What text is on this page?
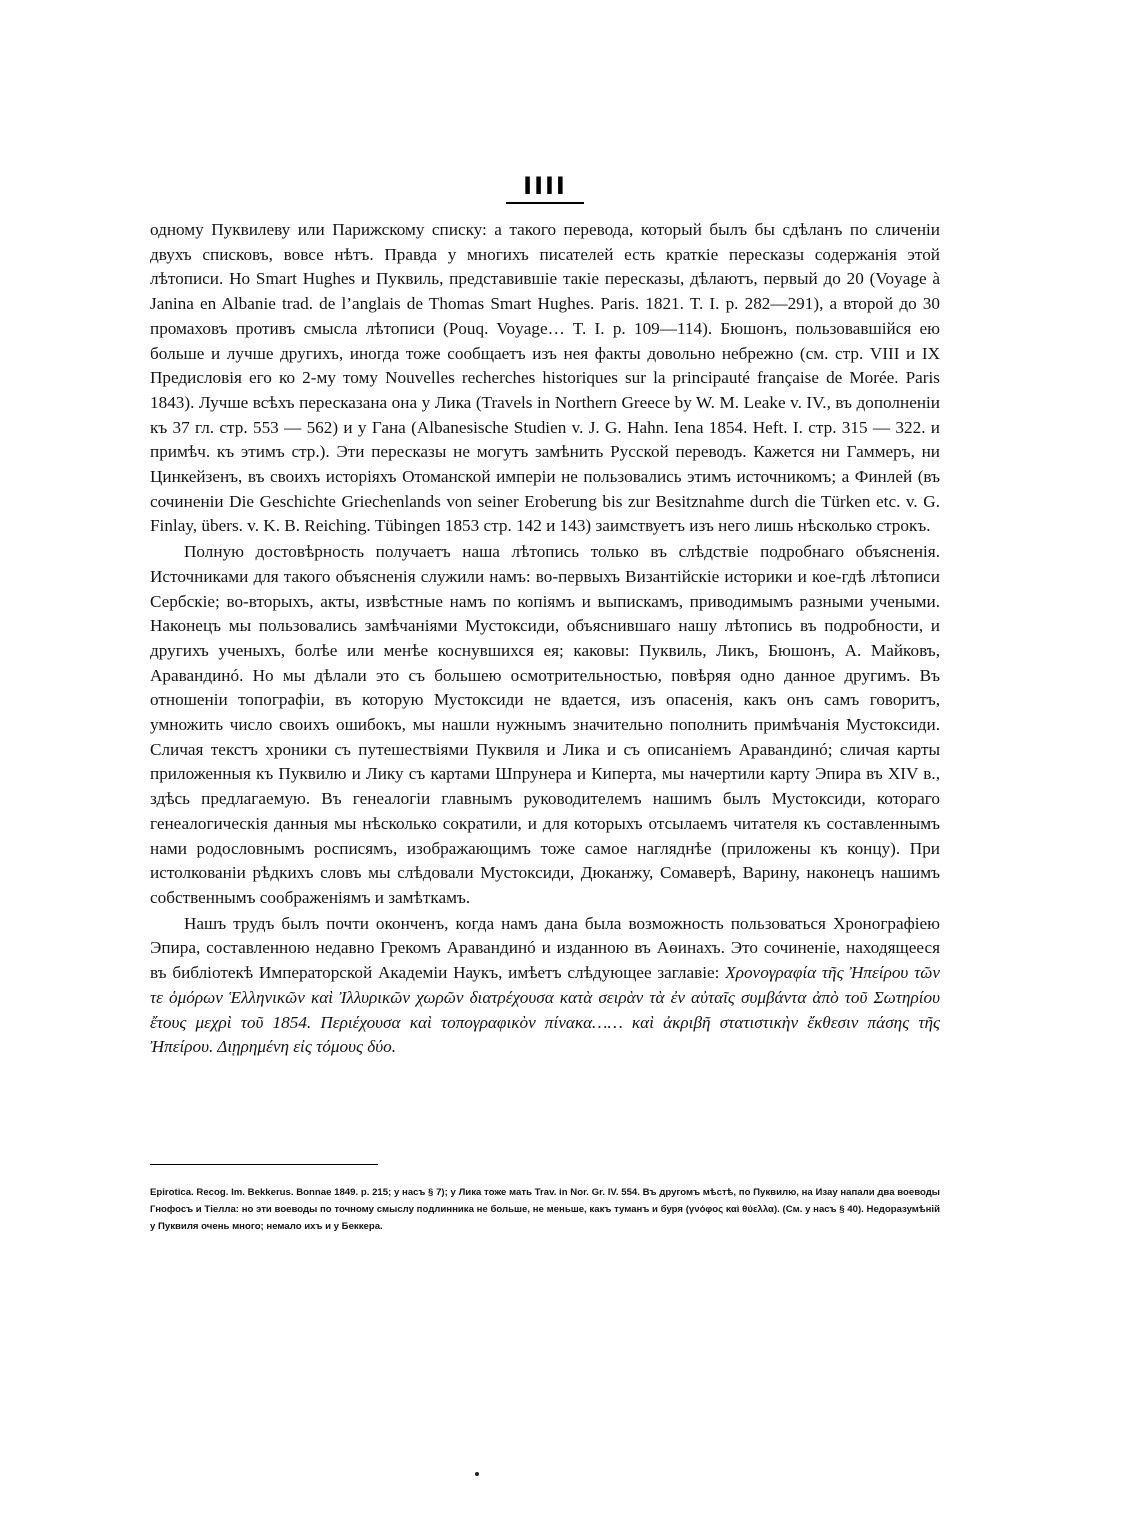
IIII

одному Пуквилеву или Парижскому списку: а такого перевода, который былъ бы сдѣланъ по сличеніи двухъ списковъ, вовсе нѣтъ. Правда у многихъ писателей есть краткіе пересказы содержанія этой лѣтописи. Но Smart Hughes и Пуквиль, представившіе такіе пересказы, дѣлаютъ, первый до 20 (Voyage à Janina en Albanie trad. de l’anglais de Thomas Smart Hughes. Paris. 1821. T. I. p. 282—291), а второй до 30 промаховъ противъ смысла лѣтописи (Pouq. Voyage… T. I. p. 109—114). Бюшонъ, пользовавшійся ею больше и лучше другихъ, иногда тоже сообщаетъ изъ нея факты довольно небрежно (см. стр. VIII и IX Предисловія его ко 2-му тому Nouvelles recherches historiques sur la principauté française de Morée. Paris 1843). Лучше всѣхъ пересказана она у Лика (Travels in Northern Greece by W. M. Leake v. IV., въ дополненіи къ 37 гл. стр. 553 — 562) и у Гана (Albanesische Studien v. J. G. Hahn. Iena 1854. Heft. I. стр. 315 — 322. и примѣч. къ этимъ стр.). Эти пересказы не могутъ замѣнить Русской переводъ. Кажется ни Гаммеръ, ни Цинкейзенъ, въ своихъ исторіяхъ Отоманской имперіи не пользовались этимъ источникомъ; а Финлей (въ сочиненіи Die Geschichte Griechenlands von seiner Eroberung bis zur Besitznahme durch die Türken etc. v. G. Finlay, übers. v. K. B. Reiching. Tübingen 1853 стр. 142 и 143) заимствуетъ изъ него лишь нѣсколько строкъ.

Полную достовѣрность получаетъ наша лѣтопись только въ слѣдствіе подробнаго объясненія. Источниками для такого объясненія служили намъ: во-первыхъ Византійскіе историки и кое-гдѣ лѣтописи Сербскіе; во-вторыхъ, акты, извѣстные намъ по копіямъ и выпискамъ, приводимымъ разными учеными. Наконецъ мы пользовались замѣчаніями Мустоксиди, объяснившаго нашу лѣтопись въ подробности, и другихъ ученыхъ, болѣе или менѣе коснувшихся ея; каковы: Пуквиль, Ликъ, Бюшонъ, А. Майковъ, Аравандинó. Но мы дѣлали это съ большею осмотрительностью, повѣряя одно данное другимъ. Въ отношеніи топографіи, въ которую Мустоксиди не вдается, изъ опасенія, какъ онъ самъ говоритъ, умножить число своихъ ошибокъ, мы нашли нужнымъ значительно пополнить примѣчанія Мустоксиди. Сличая текстъ хроники съ путешествіями Пуквиля и Лика и съ описаніемъ Аравандинó; сличая карты приложенныя къ Пуквилю и Лику съ картами Шпрунера и Киперта, мы начертили карту Эпира въ XIV в., здѣсь предлагаемую. Въ генеалогіи главнымъ руководителемъ нашимъ былъ Мустоксиди, котораго генеалогическія данныя мы нѣсколько сократили, и для которыхъ отсылаемъ читателя къ составленнымъ нами родословнымъ росписямъ, изображающимъ тоже самое нагляднѣе (приложены къ концу). При истолкованіи рѣдкихъ словъ мы слѣдовали Мустоксиди, Дюканжу, Сомаверѣ, Варину, наконецъ нашимъ собственнымъ соображеніямъ и замѣткамъ.

Нашъ трудъ былъ почти оконченъ, когда намъ дана была возможность пользоваться Хронографіею Эпира, составленною недавно Грекомъ Аравандинó и изданною въ Аѳинахъ. Это сочиненіе, находящееся въ библіотекѣ Императорской Академіи Наукъ, имѣетъ слѣдующее заглавіе: Χρονογραφία τῆς Ἠπείρου τῶν τε ὁμόρων Ἑλληνικῶν καὶ Ἰλλυρικῶν χωρῶν διατρέχουσα κατὰ σειρὰν τὰ ἐν αὐταῖς συμβάντα ἀπὸ τοῦ Σωτηρίου ἔτους μεχρὶ τοῦ 1854. Περιέχουσα καὶ τοπογραφικὸν πίνακα…… καὶ ἀκριβῆ στατιστικὴν ἔκθεσιν πάσης τῆς Ἠπείρου. Διῃρημένη εἰς τόμους δύο.

Epirotica. Recog. Im. Bekkerus. Bonnae 1849. p. 215; у насъ § 7); у Лика тоже мать Trav. in Nor. Gr. IV. 554. Въ другомъ мѣстѣ, по Пуквилю, на Изау напали два воеводы Гнофосъ и Тіелла: но эти воеводы по точному смыслу подлинника не больше, не меньше, какъ туманъ и буря (γνόφος καὶ θύελλα). (См. у насъ § 40). Недоразумѣній у Пуквиля очень много; немало ихъ и у Беккера.
